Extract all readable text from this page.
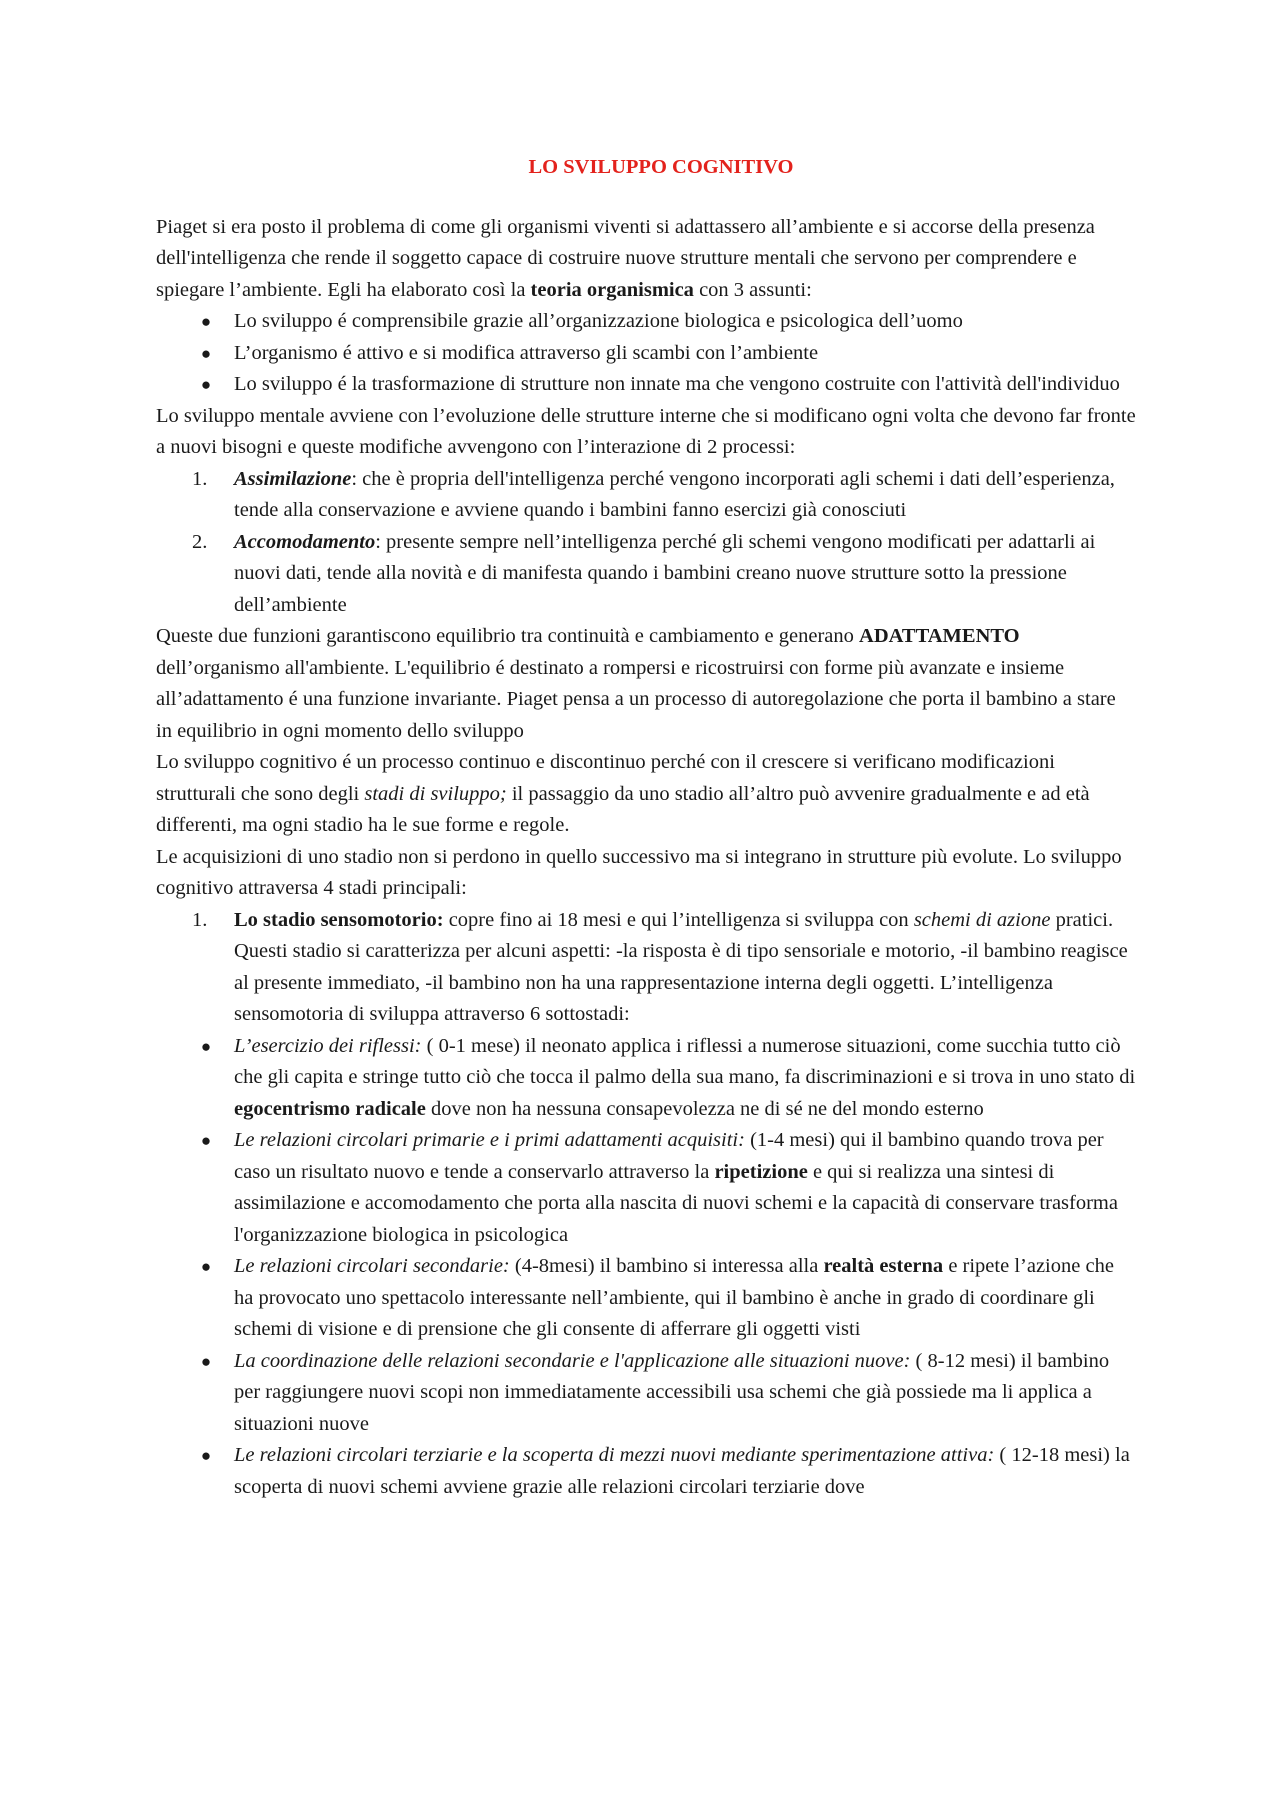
LO SVILUPPO COGNITIVO

Piaget si era posto il problema di come gli organismi viventi si adattassero all’ambiente e si accorse della presenza dell'intelligenza che rende il soggetto capace di costruire nuove strutture mentali che servono per comprendere e spiegare l’ambiente. Egli ha elaborato così la teoria organismica con 3 assunti:

● Lo sviluppo é comprensibile grazie all’organizzazione biologica e psicologica dell’uomo
● L’organismo é attivo e si modifica attraverso gli scambi con l’ambiente
● Lo sviluppo é la trasformazione di strutture non innate ma che vengono costruite con l'attività dell'individuo

Lo sviluppo mentale avviene con l’evoluzione delle strutture interne che si modificano ogni volta che devono far fronte a nuovi bisogni e queste modifiche avvengono con l’interazione di 2 processi:

1. Assimilazione: che è propria dell'intelligenza perché vengono incorporati agli schemi i dati dell’esperienza, tende alla conservazione e avviene quando i bambini fanno esercizi già conosciuti
2. Accomodamento: presente sempre nell’intelligenza perché gli schemi vengono modificati per adattarli ai nuovi dati, tende alla novità e di manifesta quando i bambini creano nuove strutture sotto la pressione dell’ambiente

Queste due funzioni garantiscono equilibrio tra continuità e cambiamento e generano ADATTAMENTO dell’organismo all'ambiente. L'equilibrio é destinato a rompersi e ricostruirsi con forme più avanzate e insieme all’adattamento é una funzione invariante. Piaget pensa a un processo di autoregolazione che porta il bambino a stare in equilibrio in ogni momento dello sviluppo

Lo sviluppo cognitivo é un processo continuo e discontinuo perché con il crescere si verificano modificazioni strutturali che sono degli stadi di sviluppo; il passaggio da uno stadio all’altro può avvenire gradualmente e ad età differenti, ma ogni stadio ha le sue forme e regole.

Le acquisizioni di uno stadio non si perdono in quello successivo ma si integrano in strutture più evolute. Lo sviluppo cognitivo attraversa 4 stadi principali:

1. Lo stadio sensomotorio: copre fino ai 18 mesi e qui l’intelligenza si sviluppa con schemi di azione pratici. Questi stadio si caratterizza per alcuni aspetti: -la risposta è di tipo sensoriale e motorio, -il bambino reagisce al presente immediato, -il bambino non ha una rappresentazione interna degli oggetti. L’intelligenza sensomotoria di sviluppa attraverso 6 sottostadi:
● L’esercizio dei riflessi: ( 0-1 mese) il neonato applica i riflessi a numerose situazioni, come succhia tutto ciò che gli capita e stringe tutto ciò che tocca il palmo della sua mano, fa discriminazioni e si trova in uno stato di egocentrismo radicale dove non ha nessuna consapevolezza ne di sé ne del mondo esterno
● Le relazioni circolari primarie e i primi adattamenti acquisiti: (1-4 mesi) qui il bambino quando trova per caso un risultato nuovo e tende a conservarlo attraverso la ripetizione e qui si realizza una sintesi di assimilazione e accomodamento che porta alla nascita di nuovi schemi e la capacità di conservare trasforma l'organizzazione biologica in psicologica
● Le relazioni circolari secondarie: (4-8mesi) il bambino si interessa alla realtà esterna e ripete l’azione che ha provocato uno spettacolo interessante nell’ambiente, qui il bambino è anche in grado di coordinare gli schemi di visione e di prensione che gli consente di afferrare gli oggetti visti
● La coordinazione delle relazioni secondarie e l'applicazione alle situazioni nuove: ( 8-12 mesi) il bambino per raggiungere nuovi scopi non immediatamente accessibili usa schemi che già possiede ma li applica a situazioni nuove
● Le relazioni circolari terziarie e la scoperta di mezzi nuovi mediante sperimentazione attiva: ( 12-18 mesi) la scoperta di nuovi schemi avviene grazie alle relazioni circolari terziarie dove
